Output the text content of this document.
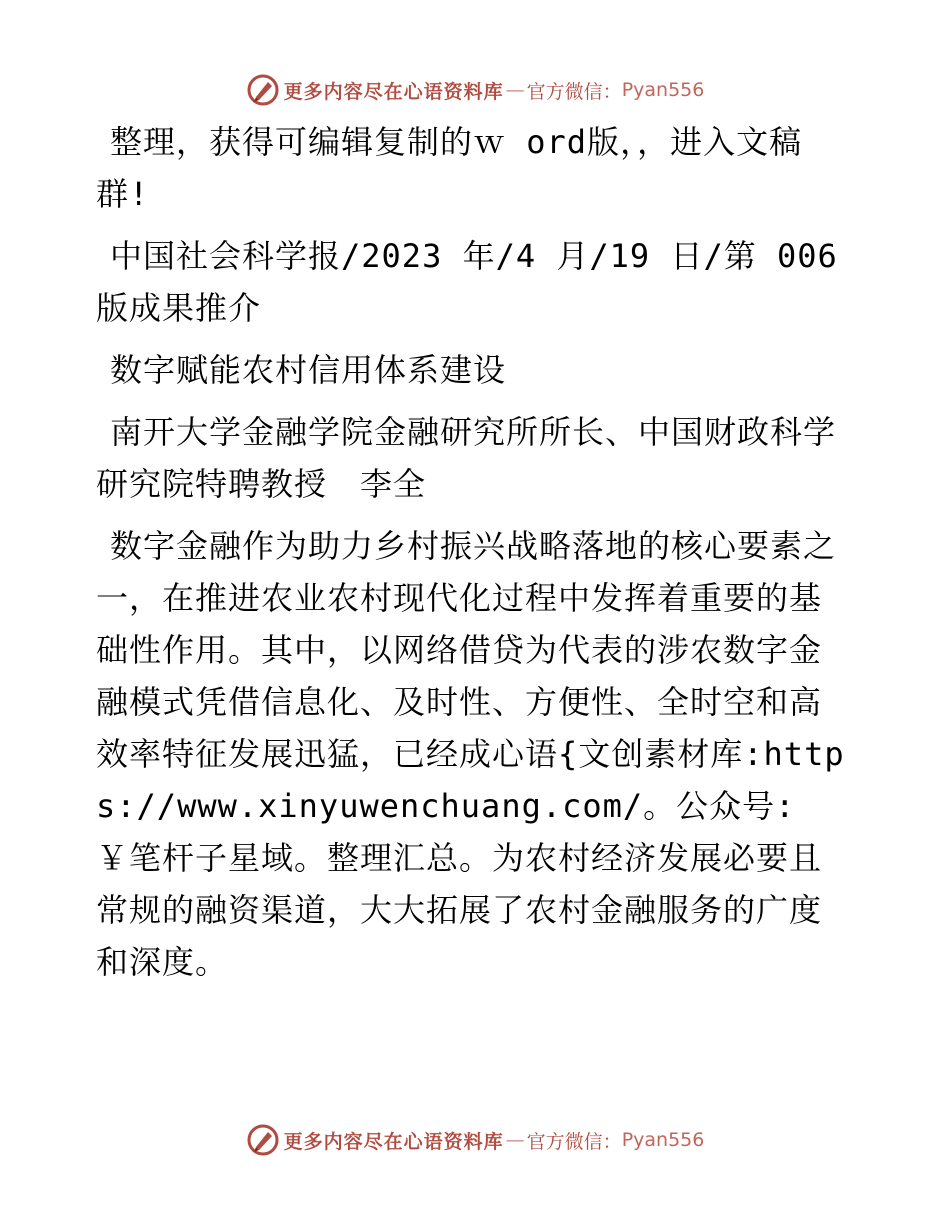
更多内容尽在心语资料库 — 官方微信： Pyan556

整理，获得可编辑复制的ｗ ord版，，进入文稿群!

中国社会科学报/2023 年/4 月/19 日/第 006 版成果推介

数字赋能农村信用体系建设

南开大学金融学院金融研究所所长、中国财政科学研究院特聘教授　李全

数字金融作为助力乡村振兴战略落地的核心要素之一，在推进农业农村现代化过程中发挥着重要的基础性作用。其中，以网络借贷为代表的涉农数字金融模式凭借信息化、及时性、方便性、全时空和高效率特征发展迅猛，已经成心语{文创素材库:https://www.xinyuwenchuang.com/。公众号:￥笔杆子星域。整理汇总。为农村经济发展必要且常规的融资渠道，大大拓展了农村金融服务的广度和深度。

更多内容尽在心语资料库 — 官方微信： Pyan556
